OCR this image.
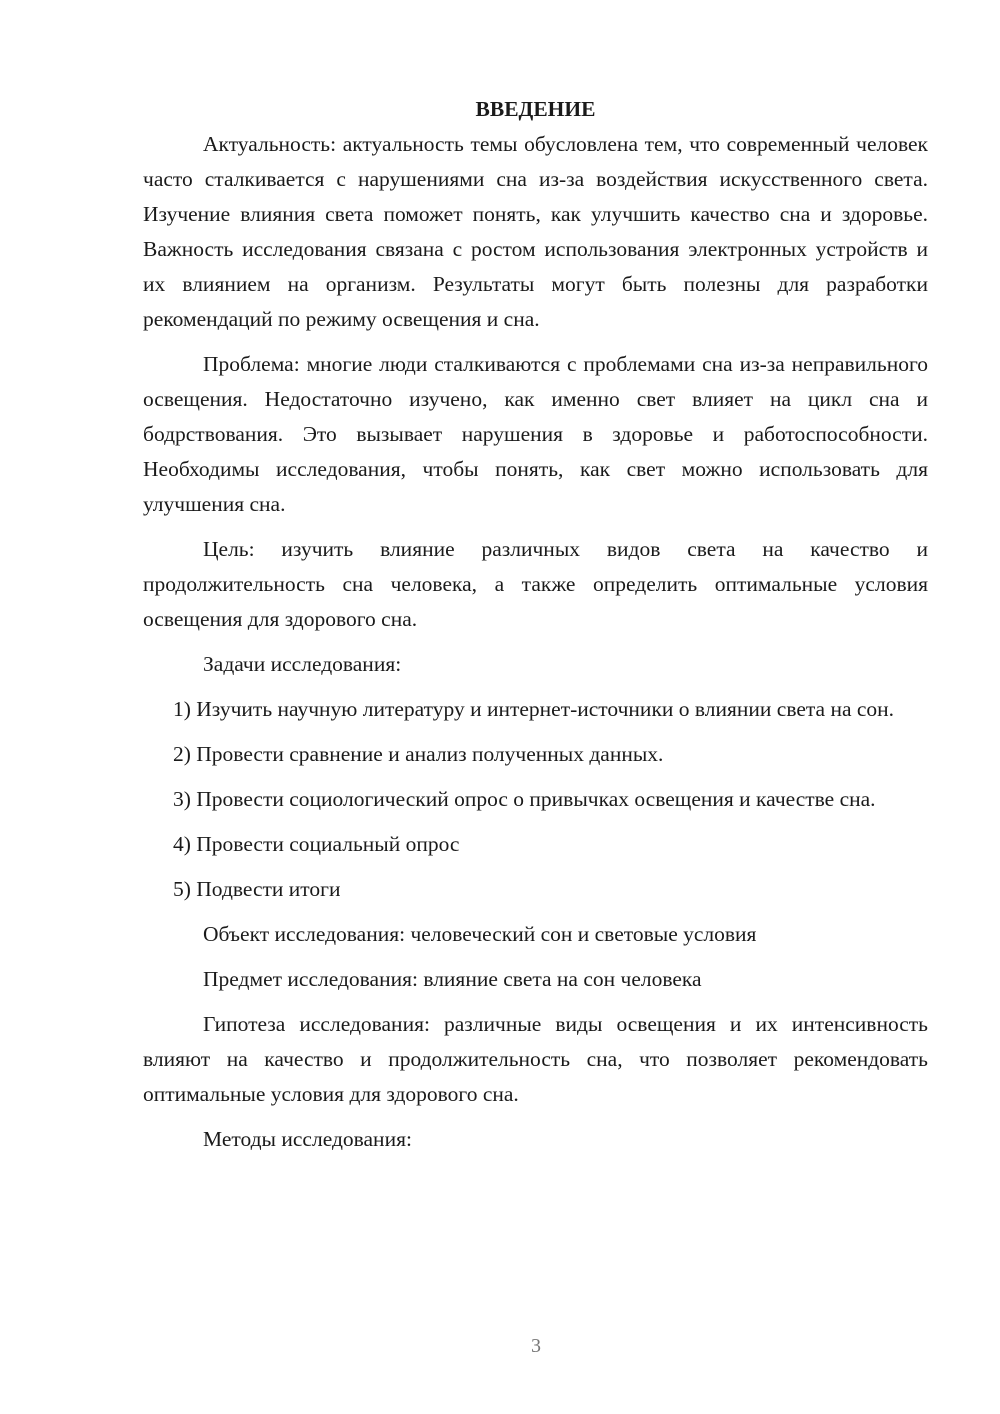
ВВЕДЕНИЕ

Актуальность: актуальность темы обусловлена тем, что современный человек часто сталкивается с нарушениями сна из-за воздействия искусственного света. Изучение влияния света поможет понять, как улучшить качество сна и здоровье. Важность исследования связана с ростом использования электронных устройств и их влиянием на организм. Результаты могут быть полезны для разработки рекомендаций по режиму освещения и сна.

Проблема: многие люди сталкиваются с проблемами сна из-за неправильного освещения. Недостаточно изучено, как именно свет влияет на цикл сна и бодрствования. Это вызывает нарушения в здоровье и работоспособности. Необходимы исследования, чтобы понять, как свет можно использовать для улучшения сна.

Цель: изучить влияние различных видов света на качество и продолжительность сна человека, а также определить оптимальные условия освещения для здорового сна.

Задачи исследования:

1) Изучить научную литературу и интернет-источники о влиянии света на сон.

2) Провести сравнение и анализ полученных данных.

3) Провести социологический опрос о привычках освещения и качестве сна.

4) Провести социальный опрос

5) Подвести итоги

Объект исследования: человеческий сон и световые условия

Предмет исследования: влияние света на сон человека

Гипотеза исследования: различные виды освещения и их интенсивность влияют на качество и продолжительность сна, что позволяет рекомендовать оптимальные условия для здорового сна.

Методы исследования:

3
